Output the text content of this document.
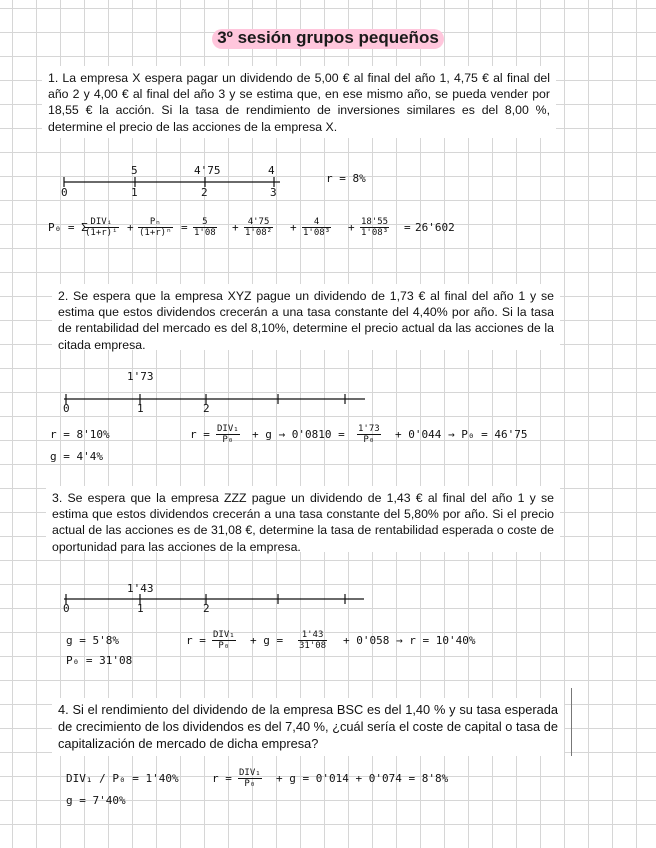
3º sesión grupos pequeños
1. La empresa X espera pagar un dividendo de 5,00 € al final del año 1, 4,75 € al final del año 2 y 4,00 € al final del año 3 y se estima que, en ese mismo año, se pueda vender por 18,55 € la acción. Si la tasa de rendimiento de inversiones similares es del 8,00 %, determine el precio de las acciones de la empresa X.
0	1	2	3
5	4'75	4
r = 8%
P₀ = Σ DIVᵢ
$(1+r)^i + \frac{\text{Pₙ}}{\text{(1+r)ⁿ}} = \frac{5}{1'08} + \frac{4'75}{\text{1'08²}} + \frac{4}{\text{1'08³}} + \frac{18'55}{\text{1'08³}} = 26'602$
2. Se espera que la empresa XYZ pague un dividendo de 1,73 € al final del año 1 y se estima que estos dividendos crecerán a una tasa constante del 4,40% por año. Si la tasa de rentabilidad del mercado es del 8,10%, determine el precio actual da las acciones de la citada empresa.
1'73
0	1	2
r = 8'10%
g = 4'4%
r = DIV₁
P₀	+ $g \to 0'0810 = \frac{1'73}{\text{P₀}} + 0'044 \to P_0 = 46'75$
3. Se espera que la empresa ZZZ pague un dividendo de 1,43 € al final del año 1 y se estima que estos dividendos crecerán a una tasa constante del 5,80% por año. Si el precio actual de las acciones es de 31,08 €, determine la tasa de rentabilidad esperada o coste de oportunidad para las acciones de la empresa.
1'43
0	1	2
g = 5'8%
P₀ = 31'08
r = DIV₁
P₀	+ $g = \frac{1'43}{31'08} + 0'058 \to r = 10'40\%$
4. Si el rendimiento del dividendo de la empresa BSC es del 1,40 % y su tasa esperada de crecimiento de los dividendos es del 7,40 %, ¿cuál sería el coste de capital o tasa de capitalización de mercado de dicha empresa?
DIV₁ / P₀ = 1'40%
g = 7'40%
r = DIV₁
P₀	+ g = 0'014 + 0'074 = 8'8%
